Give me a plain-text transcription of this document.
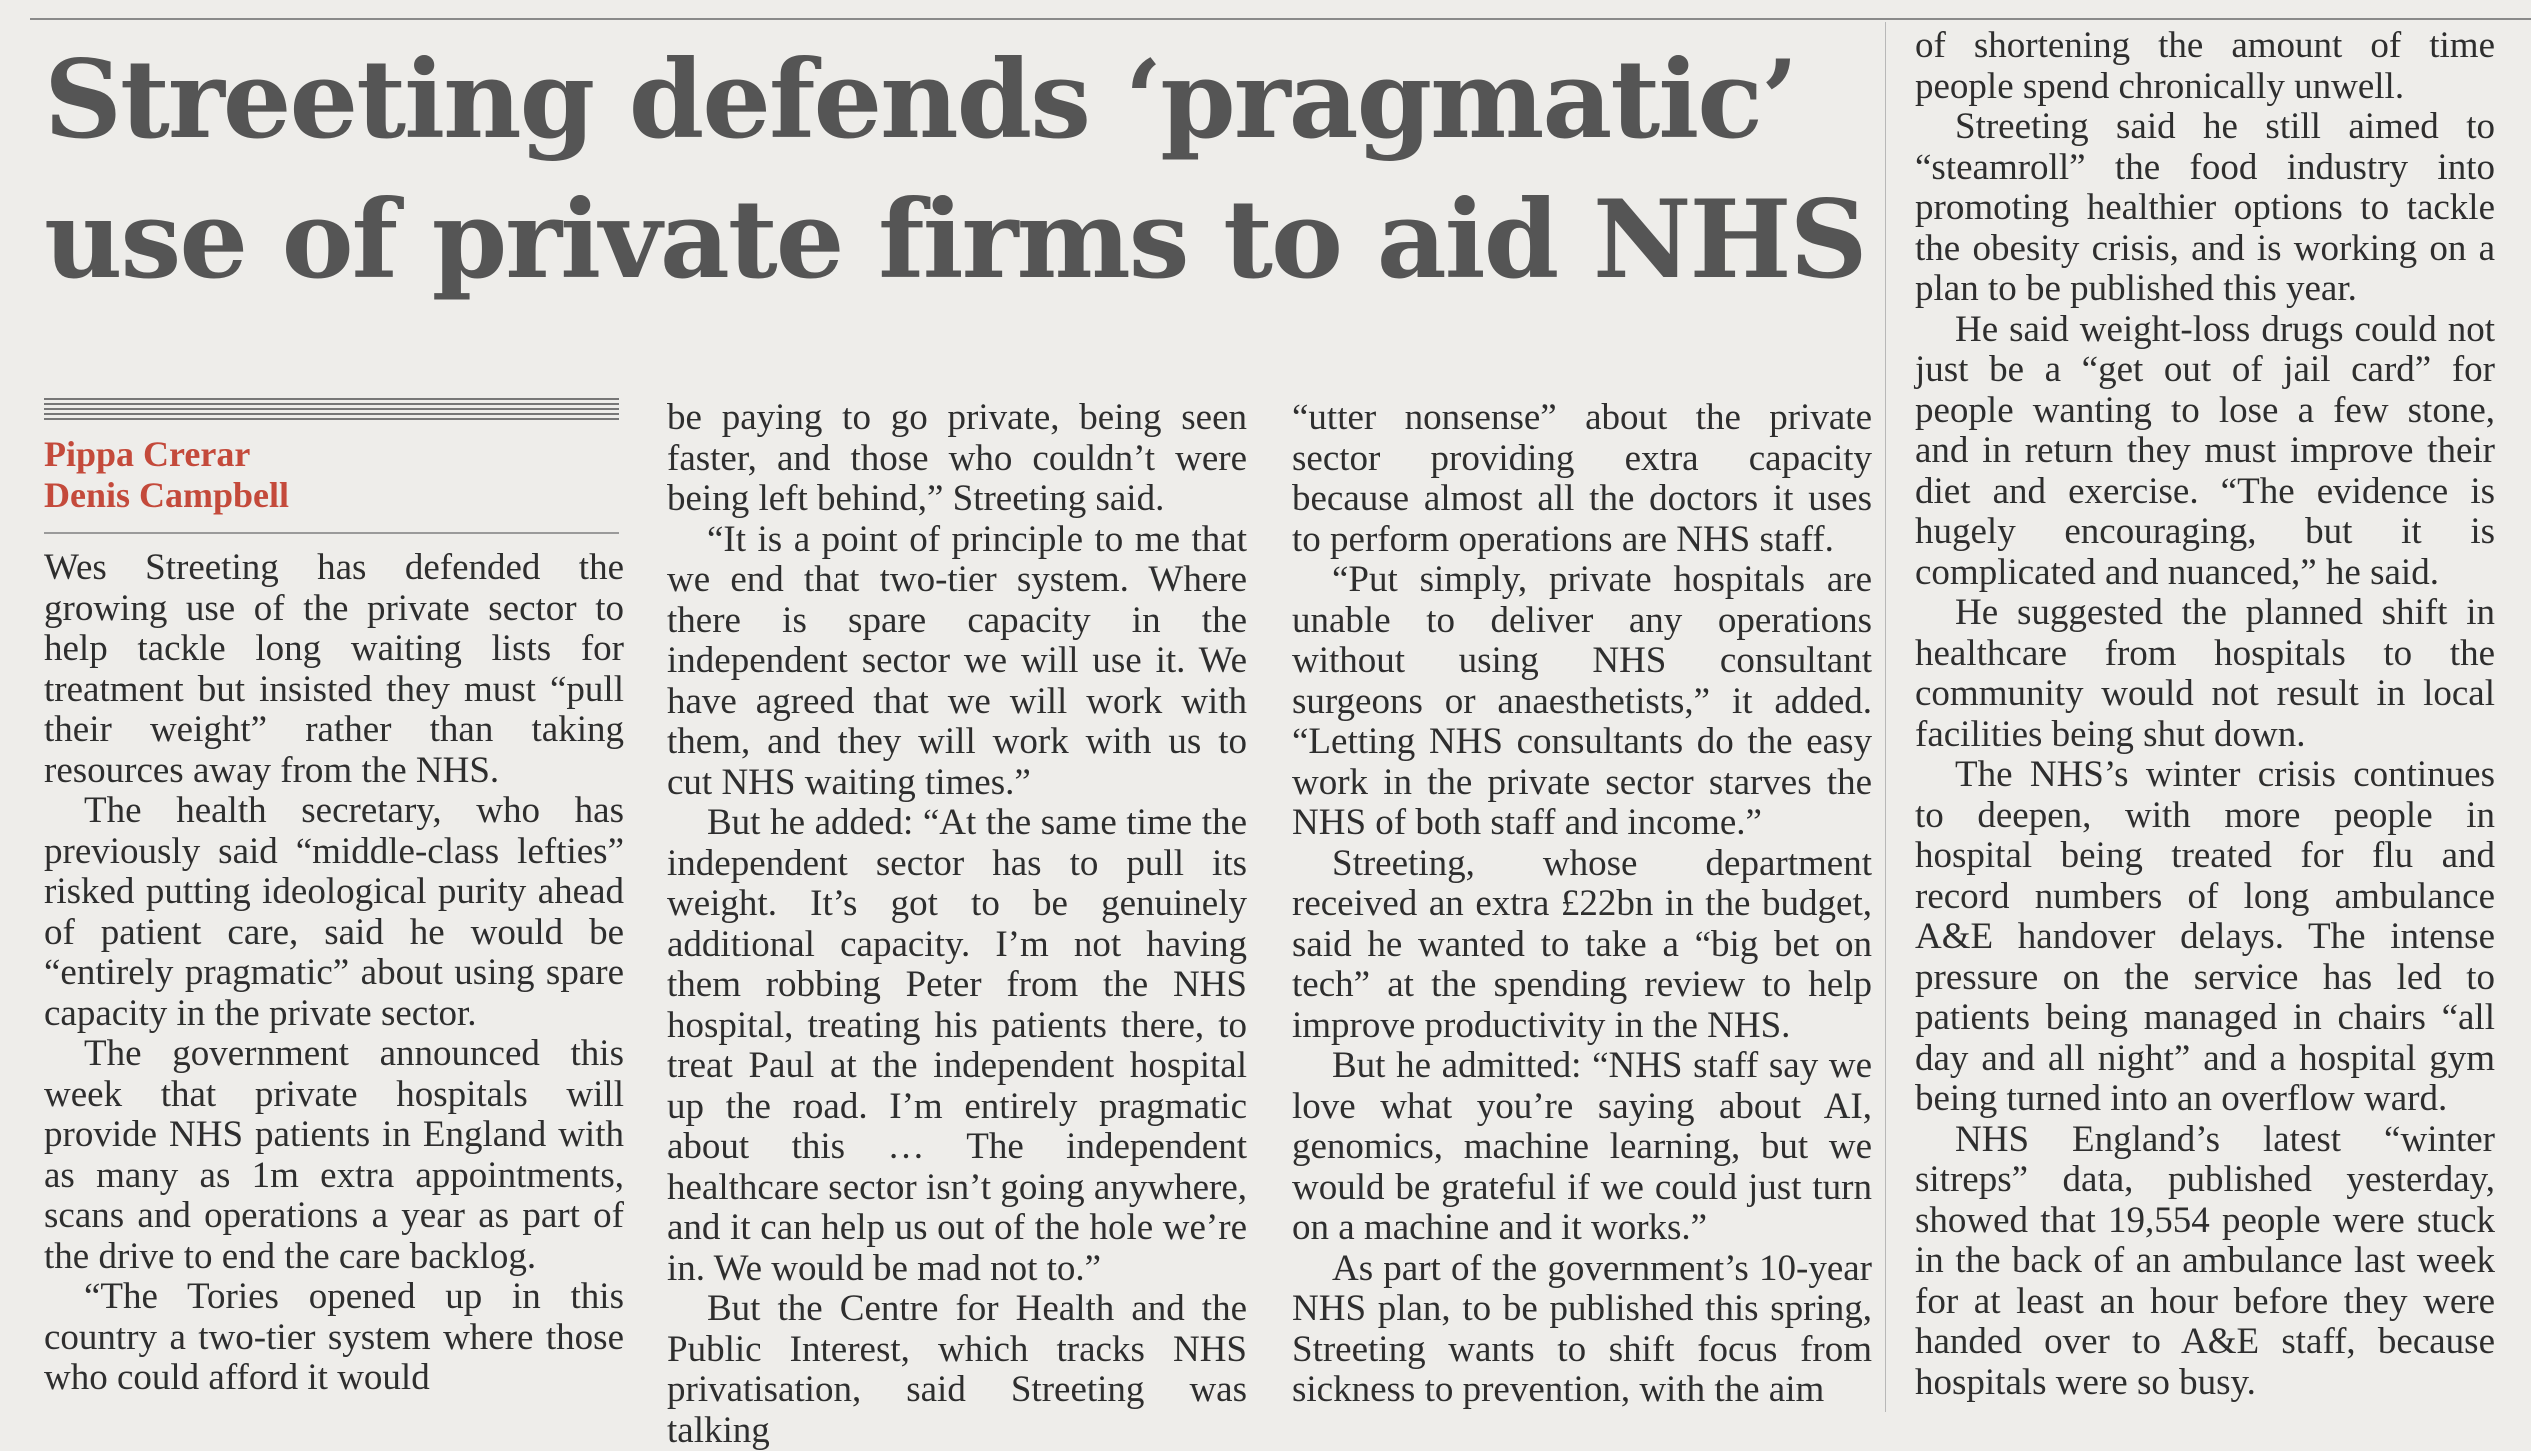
Streeting defends ‘pragmatic’
use of private firms to aid NHS
Pippa Crerar
Denis Campbell

Wes Streeting has defended the growing use of the private sector to help tackle long waiting lists for treatment but insisted they must “pull their weight” rather than taking resources away from the NHS.

The health secretary, who has previously said “middle-class lefties” risked putting ideological purity ahead of patient care, said he would be “entirely pragmatic” about using spare capacity in the private sector.

The government announced this week that private hospitals will provide NHS patients in England with as many as 1m extra appointments, scans and operations a year as part of the drive to end the care backlog.

“The Tories opened up in this country a two-tier system where those who could afford it would

be paying to go private, being seen faster, and those who couldn’t were being left behind,” Streeting said.

“It is a point of principle to me that we end that two-tier system. Where there is spare capacity in the independent sector we will use it. We have agreed that we will work with them, and they will work with us to cut NHS waiting times.”

But he added: “At the same time the independent sector has to pull its weight. It’s got to be genuinely additional capacity. I’m not having them robbing Peter from the NHS hospital, treating his patients there, to treat Paul at the independent hospital up the road. I’m entirely pragmatic about this … The independent healthcare sector isn’t going anywhere, and it can help us out of the hole we’re in. We would be mad not to.”

But the Centre for Health and the Public Interest, which tracks NHS privatisation, said Streeting was talking

“utter nonsense” about the private sector providing extra capacity because almost all the doctors it uses to perform operations are NHS staff.

“Put simply, private hospitals are unable to deliver any operations without using NHS consultant surgeons or anaesthetists,” it added. “Letting NHS consultants do the easy work in the private sector starves the NHS of both staff and income.”

Streeting, whose department received an extra £22bn in the budget, said he wanted to take a “big bet on tech” at the spending review to help improve productivity in the NHS.

But he admitted: “NHS staff say we love what you’re saying about AI, genomics, machine learning, but we would be grateful if we could just turn on a machine and it works.”

As part of the government’s 10-year NHS plan, to be published this spring, Streeting wants to shift focus from sickness to prevention, with the aim

of shortening the amount of time people spend chronically unwell.

Streeting said he still aimed to “steamroll” the food industry into promoting healthier options to tackle the obesity crisis, and is working on a plan to be published this year.

He said weight-loss drugs could not just be a “get out of jail card” for people wanting to lose a few stone, and in return they must improve their diet and exercise. “The evidence is hugely encouraging, but it is complicated and nuanced,” he said.

He suggested the planned shift in healthcare from hospitals to the community would not result in local facilities being shut down.

The NHS’s winter crisis continues to deepen, with more people in hospital being treated for flu and record numbers of long ambulance A&E handover delays. The intense pressure on the service has led to patients being managed in chairs “all day and all night” and a hospital gym being turned into an overflow ward.

NHS England’s latest “winter sitreps” data, published yesterday, showed that 19,554 people were stuck in the back of an ambulance last week for at least an hour before they were handed over to A&E staff, because hospitals were so busy.
